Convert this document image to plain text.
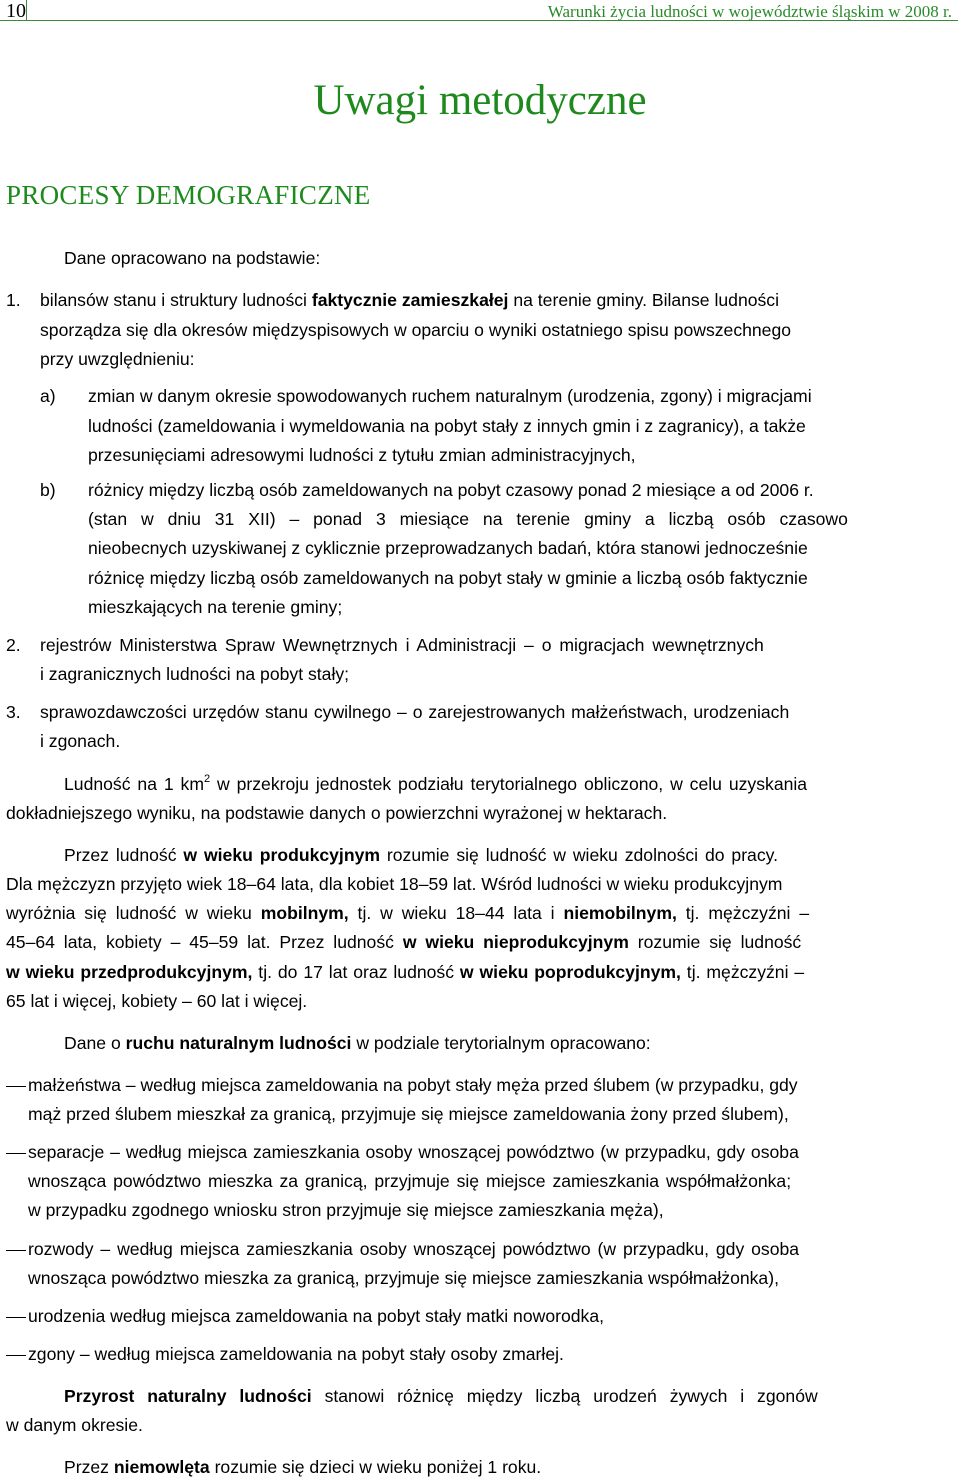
10	Warunki życia ludności w województwie śląskim w 2008 r.
Uwagi metodyczne
PROCESY DEMOGRAFICZNE
Dane opracowano na podstawie:
1. bilansów stanu i struktury ludności faktycznie zamieszkałej na terenie gminy. Bilanse ludności
sporządza się dla okresów międzyspisowych w oparciu o wyniki ostatniego spisu powszechnego
przy uwzględnieniu:
a) zmian w danym okresie spowodowanych ruchem naturalnym (urodzenia, zgony) i migracjami
ludności (zameldowania i wymeldowania na pobyt stały z innych gmin i z zagranicy), a także
przesunięciami adresowymi ludności z tytułu zmian administracyjnych,
b) różnicy między liczbą osób zameldowanych na pobyt czasowy ponad 2 miesiące a od 2006 r.
(stan w dniu 31 XII) – ponad 3 miesiące na terenie gminy a liczbą osób czasowo
nieobecnych uzyskiwanej z cyklicznie przeprowadzanych badań, która stanowi jednocześnie
różnicę między liczbą osób zameldowanych na pobyt stały w gminie a liczbą osób faktycznie
mieszkających na terenie gminy;
2. rejestrów Ministerstwa Spraw Wewnętrznych i Administracji – o migracjach wewnętrznych
i zagranicznych ludności na pobyt stały;
3. sprawozdawczości urzędów stanu cywilnego – o zarejestrowanych małżeństwach, urodzeniach
i zgonach.
Ludność na 1 $km^2$ w przekroju jednostek podziału terytorialnego obliczono, w celu uzyskania
dokładniejszego wyniku, na podstawie danych o powierzchni wyrażonej w hektarach.
Przez ludność w wieku produkcyjnym rozumie się ludność w wieku zdolności do pracy.
Dla mężczyzn przyjęto wiek 18–64 lata, dla kobiet 18–59 lat. Wśród ludności w wieku produkcyjnym
wyróżnia się ludność w wieku mobilnym, tj. w wieku 18–44 lata i niemobilnym, tj. mężczyźni –
45–64 lata, kobiety – 45–59 lat. Przez ludność w wieku nieprodukcyjnym rozumie się ludność
w wieku przedprodukcyjnym, tj. do 17 lat oraz ludność w wieku poprodukcyjnym, tj. mężczyźni –
65 lat i więcej, kobiety – 60 lat i więcej.
Dane o ruchu naturalnym ludności w podziale terytorialnym opracowano:
małżeństwa – według miejsca zameldowania na pobyt stały męża przed ślubem (w przypadku, gdy
mąż przed ślubem mieszkał za granicą, przyjmuje się miejsce zameldowania żony przed ślubem),
separacje – według miejsca zamieszkania osoby wnoszącej powództwo (w przypadku, gdy osoba
wnosząca powództwo mieszka za granicą, przyjmuje się miejsce zamieszkania współmałżonka;
w przypadku zgodnego wniosku stron przyjmuje się miejsce zamieszkania męża),
rozwody – według miejsca zamieszkania osoby wnoszącej powództwo (w przypadku, gdy osoba
wnosząca powództwo mieszka za granicą, przyjmuje się miejsce zamieszkania współmałżonka),
urodzenia według miejsca zameldowania na pobyt stały matki noworodka,
zgony – według miejsca zameldowania na pobyt stały osoby zmarłej.
Przyrost naturalny ludności stanowi różnicę między liczbą urodzeń żywych i zgonów
w danym okresie.
Przez niemowlęta rozumie się dzieci w wieku poniżej 1 roku.
